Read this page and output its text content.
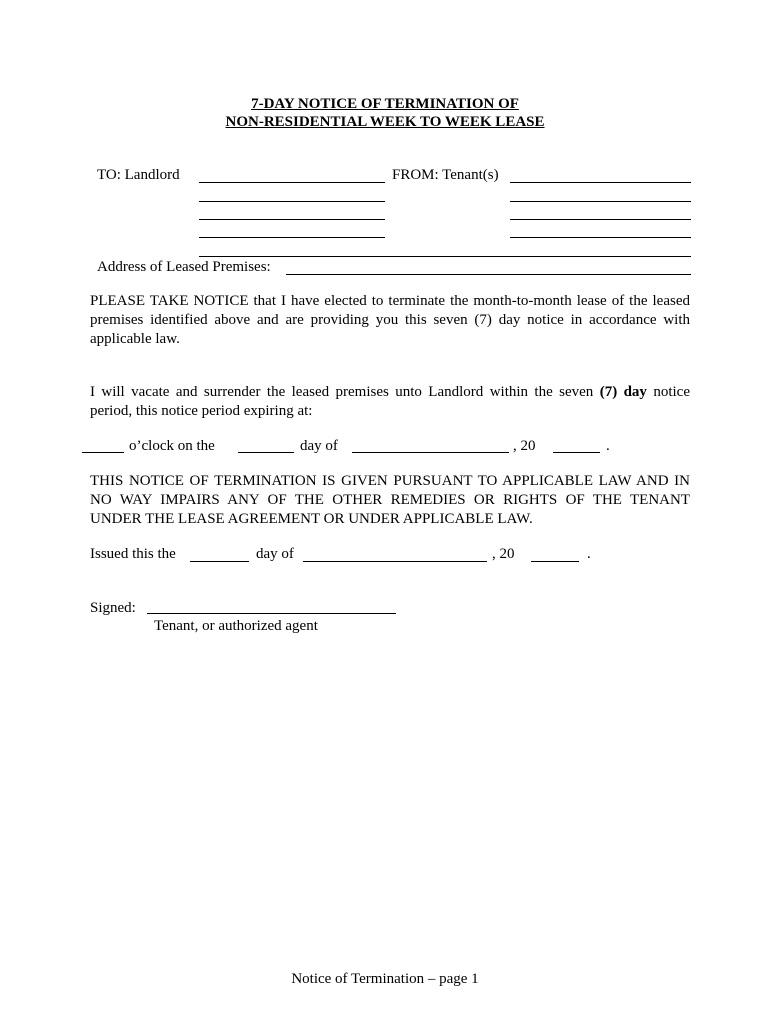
7-DAY NOTICE OF TERMINATION OF
NON-RESIDENTIAL WEEK TO WEEK LEASE
TO: Landlord	FROM: Tenant(s)
Address of Leased Premises:
PLEASE TAKE NOTICE that I have elected to terminate the month-to-month lease of the leased
premises identified above and are providing you this seven (7) day notice in accordance with
applicable law.
I will vacate and surrender the leased premises unto Landlord within the seven (7) day notice
period, this notice period expiring at:
o’clock on the	day of	, 20	.
THIS NOTICE OF TERMINATION IS GIVEN PURSUANT TO APPLICABLE LAW AND IN
NO WAY IMPAIRS ANY OF THE OTHER REMEDIES OR RIGHTS OF THE TENANT
UNDER THE LEASE AGREEMENT OR UNDER APPLICABLE LAW.
Issued this the	day of	, 20	.
Signed:
Tenant, or authorized agent
Notice of Termination – page 1
